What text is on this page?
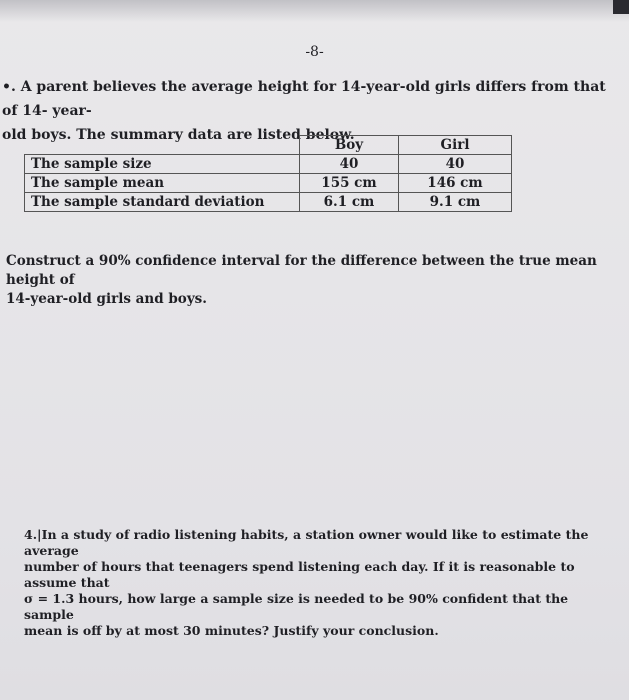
-8-
•. A parent believes the average height for 14-year-old girls differs from that of 14- year-
old boys. The summary data are listed below.
	Boy	Girl
The sample size	40	40
The sample mean	155 cm	146 cm
The sample standard deviation	6.1 cm	9.1 cm
Construct a 90% confidence interval for the difference between the true mean height of
14-year-old girls and boys.
4.|In a study of radio listening habits, a station owner would like to estimate the average
number of hours that teenagers spend listening each day. If it is reasonable to assume that
σ = 1.3 hours, how large a sample size is needed to be 90% confident that the sample
mean is off by at most 30 minutes? Justify your conclusion.
